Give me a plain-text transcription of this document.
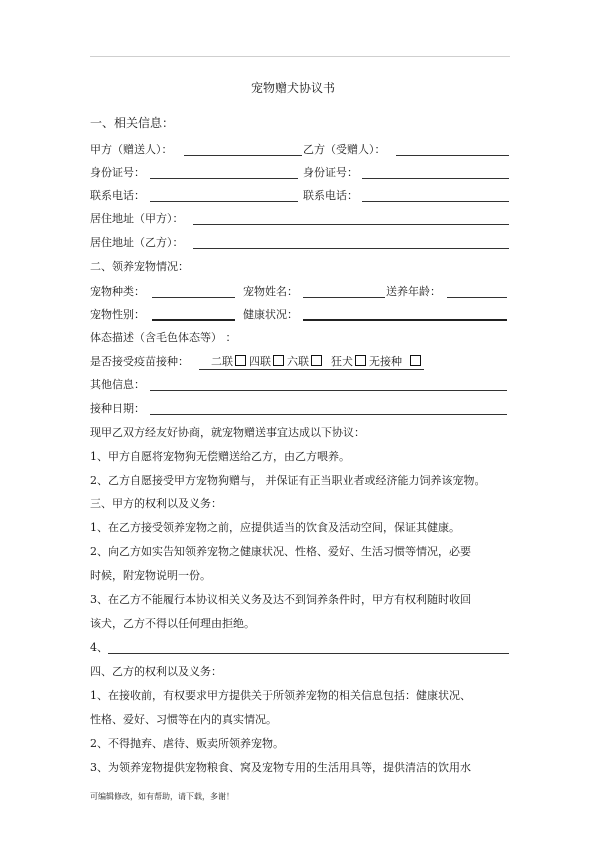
宠物赠犬协议书
一、相关信息：
甲方（赠送人）：	乙方（受赠人）：
身份证号：	身份证号：
联系电话：	联系电话：
居住地址（甲方）：
居住地址（乙方）：
二、领养宠物情况：
宠物种类：	宠物姓名：	送养年龄：
宠物性别：	健康状况：
体态描述（含毛色体态等） ：
是否接受疫苗接种： 二联 四联 六联 狂犬 无接种
其他信息：
接种日期：
现甲乙双方经友好协商，就宠物赠送事宜达成以下协议：
1、甲方自愿将宠物狗无偿赠送给乙方，由乙方喂养。
2、乙方自愿接受甲方宠物狗赠与， 并保证有正当职业者或经济能力饲养该宠物。
三、甲方的权利以及义务：
1、在乙方接受领养宠物之前，应提供适当的饮食及活动空间，保证其健康。
2、向乙方如实告知领养宠物之健康状况、性格、爱好、生活习惯等情况，必要
时候，附宠物说明一份。
3、在乙方不能履行本协议相关义务及达不到饲养条件时，甲方有权利随时收回
该犬，乙方不得以任何理由拒绝。
4、
四、乙方的权利以及义务：
1、在接收前，有权要求甲方提供关于所领养宠物的相关信息包括：健康状况、
性格、爱好、习惯等在内的真实情况。
2、不得抛弃、虐待、贩卖所领养宠物。
3、为领养宠物提供宠物粮食、窝及宠物专用的生活用具等，提供清洁的饮用水
可编辑修改，如有帮助，请下载，多谢！
